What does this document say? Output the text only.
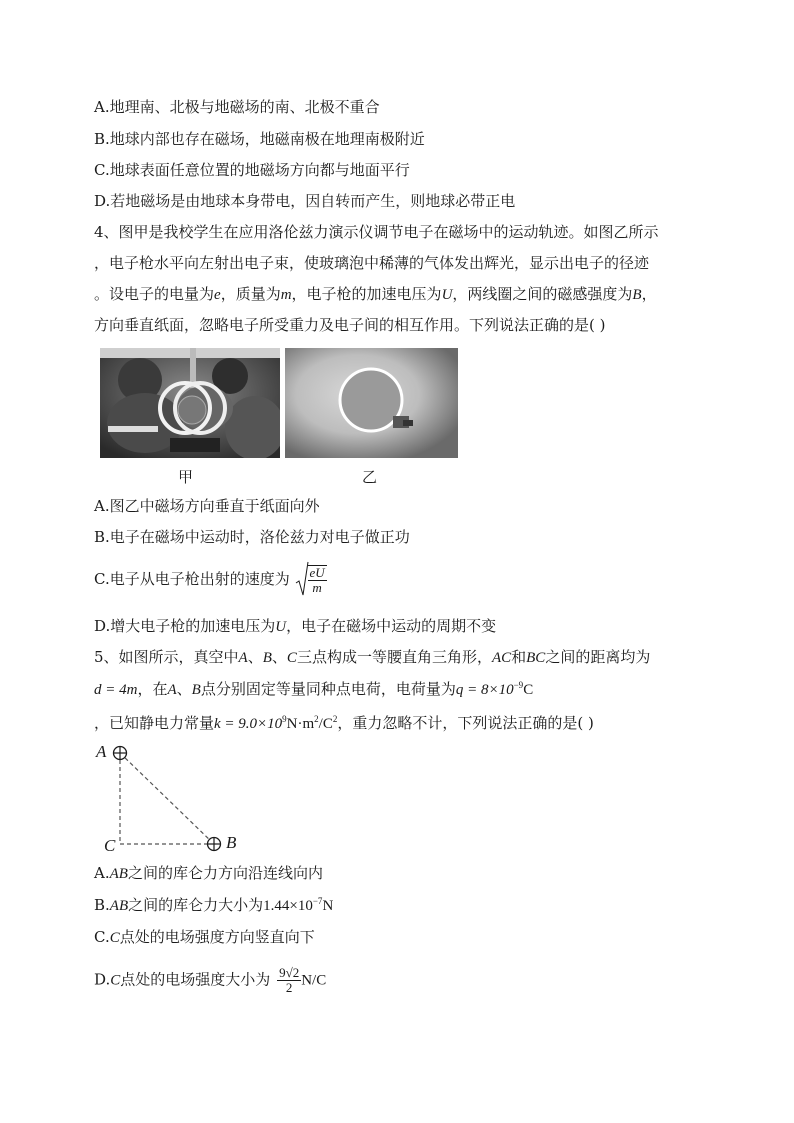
A.地理南、北极与地磁场的南、北极不重合
B.地球内部也存在磁场，地磁南极在地理南极附近
C.地球表面任意位置的地磁场方向都与地面平行
D.若地磁场是由地球本身带电，因自转而产生，则地球必带正电
4、图甲是我校学生在应用洛伦兹力演示仪调节电子在磁场中的运动轨迹。如图乙所示
，电子枪水平向左射出电子束，使玻璃泡中稀薄的气体发出辉光，显示出电子的径迹
。设电子的电量为e，质量为m，电子枪的加速电压为U，两线圈之间的磁感强度为B，
方向垂直纸面，忽略电子所受重力及电子间的相互作用。下列说法正确的是( )
甲	乙
A.图乙中磁场方向垂直于纸面向外
B.电子在磁场中运动时，洛伦兹力对电子做正功
C.电子从电子枪出射的速度为 $\frac{eU}{m}$
D.增大电子枪的加速电压为U，电子在磁场中运动的周期不变
5、如图所示，真空中A、B、C三点构成一等腰直角三角形，AC和BC之间的距离均为
d = 4m，在A、B点分别固定等量同种点电荷，电荷量为$q = 8\times 10^{-9}C$
，已知静电力常量$k = 9.0\times 10^9N\cdot m^2/C^2$，重力忽略不计，下列说法正确的是( )
A
B
C
A.AB之间的库仑力方向沿连线向内
B.AB之间的库仑力大小为$1.44\times 10^{-7}N$
C.C点处的电场强度方向竖直向下
D.C点处的电场强度大小为 $\frac{9√2}{2} N/C$
